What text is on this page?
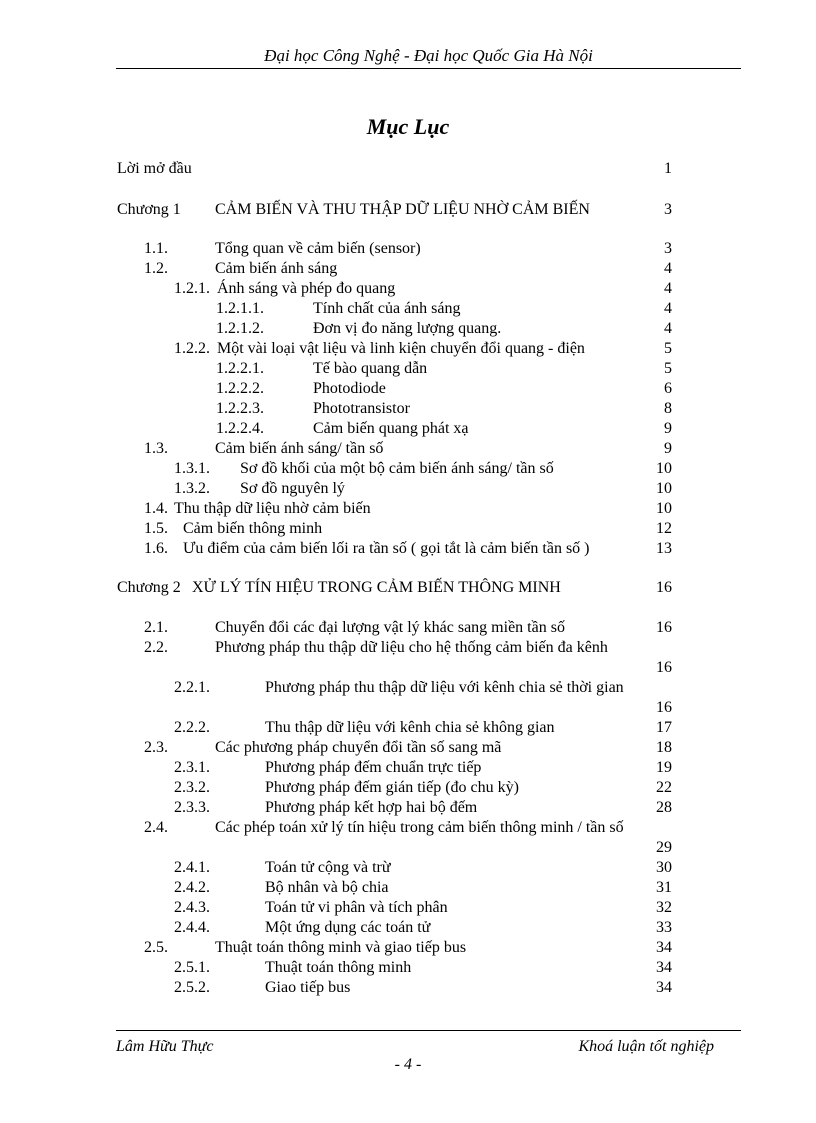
Đại học Công Nghệ - Đại học Quốc Gia Hà Nội
Mục Lục
Lời mở đầu	1
Chương 1 CẢM BIẾN VÀ THU THẬP DỮ LIỆU NHỜ CẢM BIẾN	3
1.1.	Tổng quan về cảm biến (sensor)	3
1.2.	Cảm biến ánh sáng	4
1.2.1. Ánh sáng và phép đo quang	4
1.2.1.1.	Tính chất của ánh sáng	4
1.2.1.2.	Đơn vị đo năng lượng quang.	4
1.2.2. Một vài loại vật liệu và linh kiện chuyển đổi quang - điện	5
1.2.2.1.	Tế bào quang dẫn	5
1.2.2.2.	Photodiode	6
1.2.2.3.	Phototransistor	8
1.2.2.4.	Cảm biến quang phát xạ	9
1.3.	Cảm biến ánh sáng/ tần số	9
1.3.1. Sơ đồ khối của một bộ cảm biến ánh sáng/ tần số	10
1.3.2. Sơ đồ nguyên lý	10
1.4. Thu thập dữ liệu nhờ cảm biến	10
1.5. Cảm biến thông minh	12
1.6. Ưu điểm của cảm biến lối ra tần số ( gọi tắt là cảm biến tần số )	13
Chương 2 XỬ LÝ TÍN HIỆU TRONG CẢM BIẾN THÔNG MINH	16
2.1.	Chuyển đổi các đại lượng vật lý khác sang miền tần số	16
2.2.	Phương pháp thu thập dữ liệu cho hệ thống cảm biến đa kênh
16
2.2.1.	Phương pháp thu thập dữ liệu với kênh chia sẻ thời gian
16
2.2.2.	Thu thập dữ liệu với kênh chia sẻ không gian	17
2.3.	Các phương pháp chuyển đổi tần số sang mã	18
2.3.1.	Phương pháp đếm chuẩn trực tiếp	19
2.3.2.	Phương pháp đếm gián tiếp (đo chu kỳ)	22
2.3.3.	Phương pháp kết hợp hai bộ đếm	28
2.4.	Các phép toán xử lý tín hiệu trong cảm biến thông minh / tần số
29
2.4.1.	Toán tử cộng và trừ	30
2.4.2.	Bộ nhân và bộ chia	31
2.4.3.	Toán tử vi phân và tích phân	32
2.4.4.	Một ứng dụng các toán tử	33
2.5.	Thuật toán thông minh và giao tiếp bus	34
2.5.1.	Thuật toán thông minh	34
2.5.2.	Giao tiếp bus	34
Lâm Hữu Thực	Khoá luận tốt nghiệp
- 4 -
